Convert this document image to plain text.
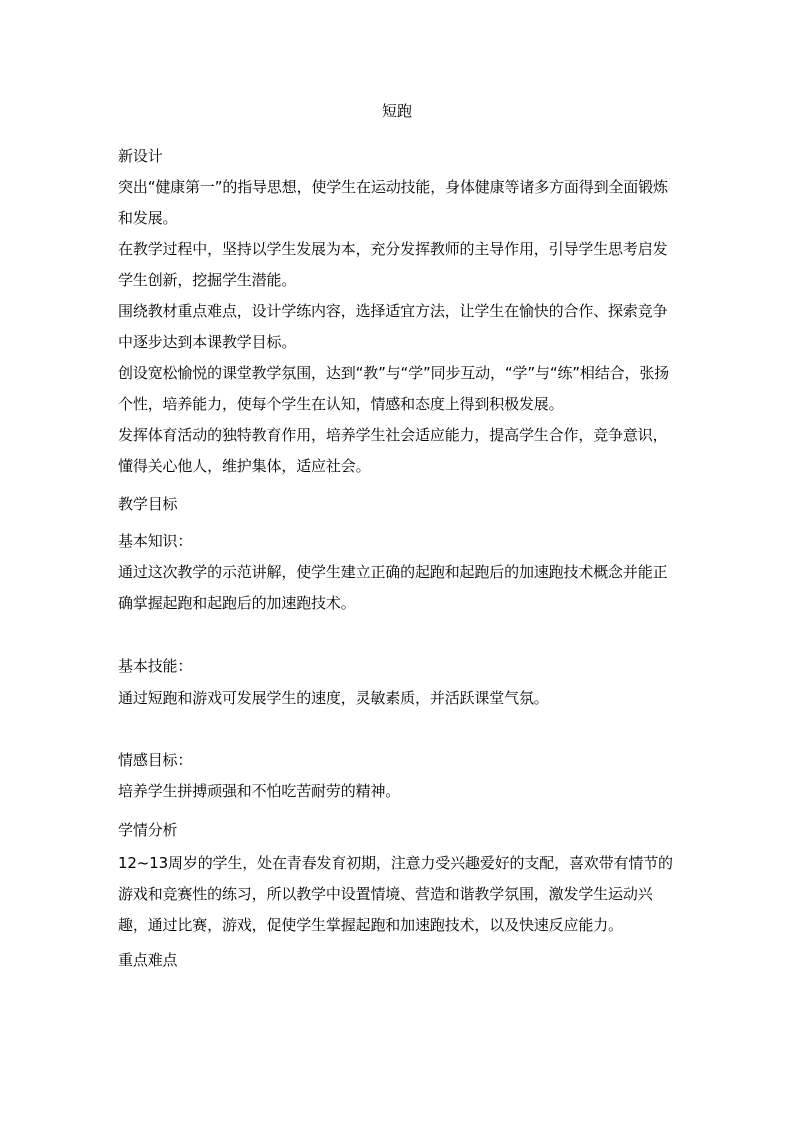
短跑
新设计
突出“健康第一”的指导思想，使学生在运动技能，身体健康等诸多方面得到全面锻炼和发展。
在教学过程中，坚持以学生发展为本，充分发挥教师的主导作用，引导学生思考启发学生创新，挖掘学生潜能。
围绕教材重点难点，设计学练内容，选择适宜方法，让学生在愉快的合作、探索竞争中逐步达到本课教学目标。
创设宽松愉悦的课堂教学氛围，达到“教”与“学”同步互动，“学”与“练”相结合，张扬个性，培养能力，使每个学生在认知，情感和态度上得到积极发展。
发挥体育活动的独特教育作用，培养学生社会适应能力，提高学生合作，竞争意识，懂得关心他人，维护集体，适应社会。
教学目标
基本知识：
通过这次教学的示范讲解，使学生建立正确的起跑和起跑后的加速跑技术概念并能正确掌握起跑和起跑后的加速跑技术。
基本技能：
通过短跑和游戏可发展学生的速度，灵敏素质，并活跃课堂气氛。
情感目标：
培养学生拼搏顽强和不怕吃苦耐劳的精神。
学情分析
12~13周岁的学生，处在青春发育初期，注意力受兴趣爱好的支配，喜欢带有情节的游戏和竞赛性的练习，所以教学中设置情境、营造和谐教学氛围，激发学生运动兴趣，通过比赛，游戏，促使学生掌握起跑和加速跑技术，以及快速反应能力。
重点难点
